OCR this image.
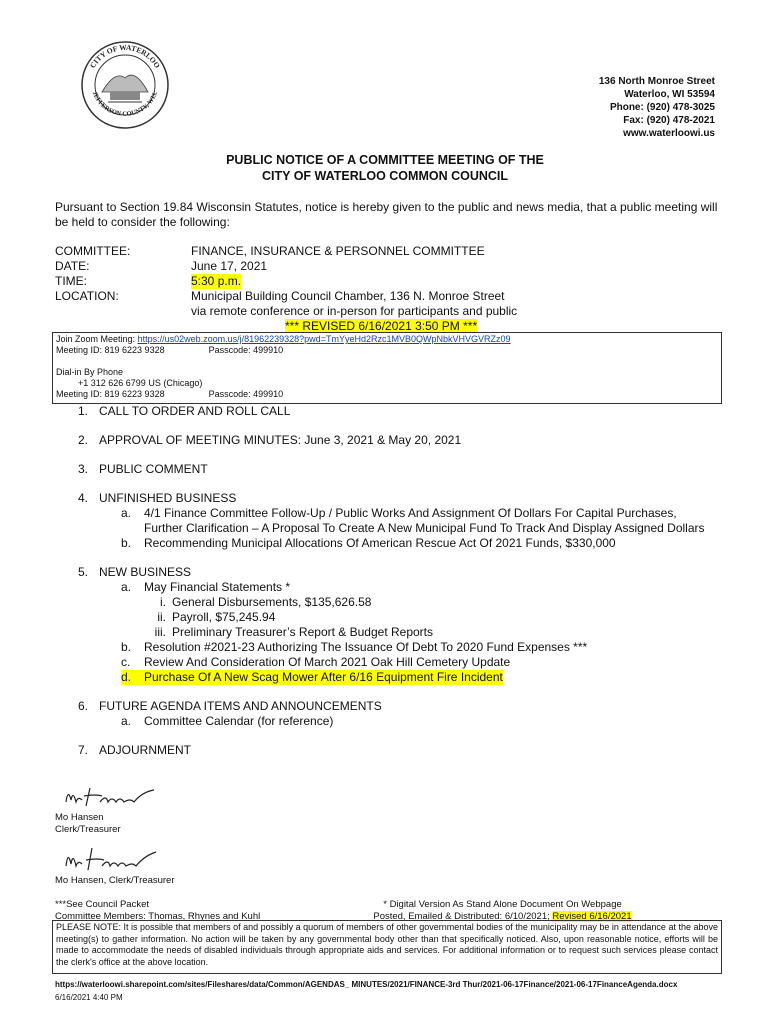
CITY OF WATERLOO
JEFFERSON COUNTY, WIS.
136 North Monroe Street
Waterloo, WI 53594
Phone: (920) 478-3025
Fax: (920) 478-2021
www.waterloowi.us
PUBLIC NOTICE OF A COMMITTEE MEETING OF THE
CITY OF WATERLOO COMMON COUNCIL
Pursuant to Section 19.84 Wisconsin Statutes, notice is hereby given to the public and news media, that a public meeting will be held to consider the following:
COMMITTEE:	FINANCE, INSURANCE & PERSONNEL COMMITTEE
DATE:	June 17, 2021
TIME:	5:30 p.m.
LOCATION:	Municipal Building Council Chamber, 136 N. Monroe Street
via remote conference or in-person for participants and public
*** REVISED 6/16/2021 3:50 PM ***
Join Zoom Meeting: https://us02web.zoom.us/j/81962239328?pwd=TmYyeHd2Rzc1MVB0QWpNbkVHVGVRZz09
Meeting ID: 819 6223 9328	Passcode: 499910
Dial-in By Phone
+1 312 626 6799 US (Chicago)
Meeting ID: 819 6223 9328	Passcode: 499910
1. CALL TO ORDER AND ROLL CALL
2. APPROVAL OF MEETING MINUTES: June 3, 2021 & May 20, 2021
3. PUBLIC COMMENT
4. UNFINISHED BUSINESS
a.	4/1 Finance Committee Follow-Up / Public Works And Assignment Of Dollars For Capital Purchases, Further Clarification – A Proposal To Create A New Municipal Fund To Track And Display Assigned Dollars
b.	Recommending Municipal Allocations Of American Rescue Act Of 2021 Funds, $330,000
5. NEW BUSINESS
a.	May Financial Statements *
i. General Disbursements, $135,626.58
ii. Payroll, $75,245.94
iii. Preliminary Treasurer’s Report & Budget Reports
b.	Resolution #2021-23 Authorizing The Issuance Of Debt To 2020 Fund Expenses ***
c.	Review And Consideration Of March 2021 Oak Hill Cemetery Update
d.	Purchase Of A New Scag Mower After 6/16 Equipment Fire Incident
6. FUTURE AGENDA ITEMS AND ANNOUNCEMENTS
a.	Committee Calendar (for reference)
7. ADJOURNMENT
Mo Hansen
Clerk/Treasurer
Mo Hansen, Clerk/Treasurer
***See Council Packet
Committee Members: Thomas, Rhynes and Kuhl
* Digital Version As Stand Alone Document On Webpage
Posted, Emailed & Distributed: 6/10/2021; Revised 6/16/2021
PLEASE NOTE: It is possible that members of and possibly a quorum of members of other governmental bodies of the municipality may be in attendance at the above meeting(s) to gather information. No action will be taken by any governmental body other than that specifically noticed. Also, upon reasonable notice, efforts will be made to accommodate the needs of disabled individuals through appropriate aids and services. For additional information or to request such services please contact the clerk's office at the above location.
https://waterloowi.sharepoint.com/sites/Fileshares/data/Common/AGENDAS_ MINUTES/2021/FINANCE-3rd Thur/2021-06-17Finance/2021-06-17FinanceAgenda.docx
6/16/2021 4:40 PM
